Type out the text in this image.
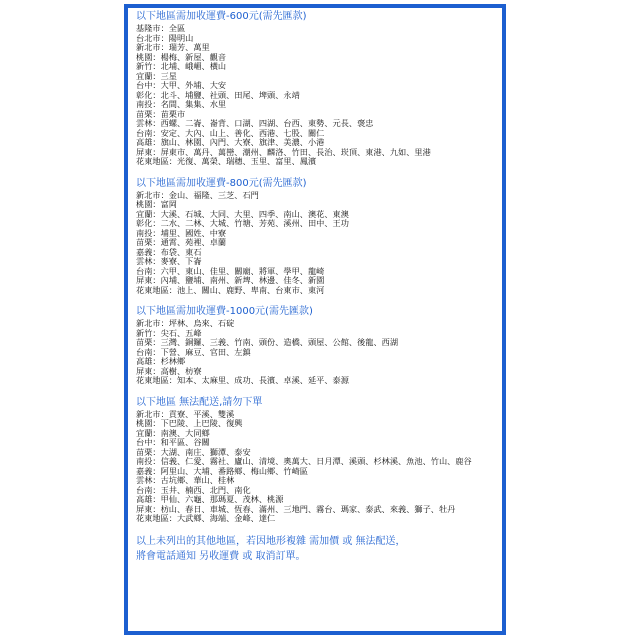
以下地區需加收運費-600元(需先匯款)
基隆市：全區
台北市：陽明山
新北市：瑞芳、萬里
桃園：楊梅、新屋、觀音
新竹：北埔、峨嵋、橫山
宜蘭：三星
台中：大甲、外埔、大安
彰化：北斗、埔鹽、社頭、田尾、埤頭、永靖
南投：名間、集集、水里
苗栗：苗栗市
雲林：西螺、二崙、崙背、口湖、四湖、台西、東勢、元長、褒忠
台南：安定、大內、山上、善化、西港、七股、關仁
高雄：旗山、林園、內門、大寮、旗津、美濃、小港
屏東：屏東市、萬丹、萬巒、潮州、麟洛、竹田、長治、崁頂、東港、九如、里港
花東地區：光復、萬榮、瑞穗、玉里、富里、鳳濱
以下地區需加收運費-800元(需先匯款)
新北市：金山、福隆、三芝、石門
桃園：富岡
宜蘭：大溪、石城、大同、大里、四季、南山、澳花、東澳
彰化：二水、二林、大城、竹塘、芳苑、溪州、田中、王功
南投：埔里、國姓、中寮
苗栗：通霄、苑裡、卓蘭
嘉義：布袋、東石
雲林：麥寮、下崙
台南：六甲、東山、佳里、關廟、將軍、學甲、龍崎
屏東：內埔、鹽埔、南州、新埤、林邊、佳冬、新園
花東地區：池上、關山、鹿野、卑南、台東市、東河
以下地區需加收運費-1000元(需先匯款)
新北市：坪林、烏來、石碇
新竹：尖石、五峰
苗栗：三灣、銅鑼、三義、竹南、頭份、造橋、頭屋、公館、後龍、西湖
台南：下營、麻豆、官田、左鎮
高雄：杉林鄉
屏東：高樹、枋寮
花東地區：知本、太麻里、成功、長濱、卓溪、延平、泰源
以下地區 無法配送,請勿下單
新北市：貢寮、平溪、雙溪
桃園：下巴陵、上巴陵、復興
宜蘭：南澳、大同鄉
台中：和平區、谷關
苗栗：大湖、南庄、獅潭、泰安
南投：信義、仁愛、霧社、廬山、清境、奧萬大、日月潭、溪頭、杉林溪、魚池、竹山、鹿谷
嘉義：阿里山、大埔、番路鄉、梅山鄉、竹崎區
雲林：古坑鄉、華山、桂林
台南：玉井、楠西、北門、南化
高雄：甲仙、六龜、那瑪夏、茂林、桃源
屏東：枋山、春日、車城、恆春、滿州、三地門、霧台、瑪家、泰武、來義、獅子、牡丹
花東地區：大武鄉、海端、金峰、達仁
以上未列出的其他地區，若因地形複雜 需加價 或 無法配送，
將會電話通知 另收運費 或 取消訂單。
